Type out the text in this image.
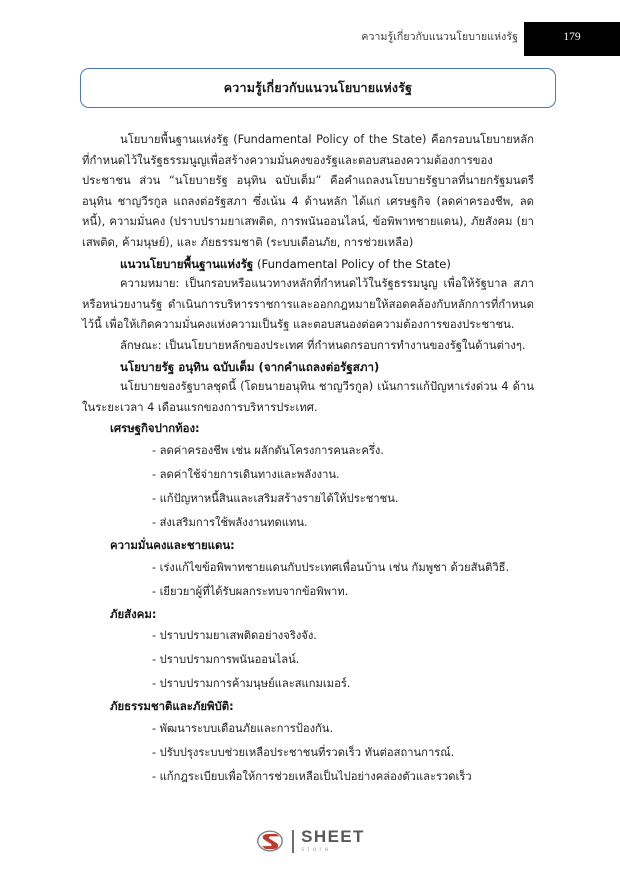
ความรู้เกี่ยวกับแนวนโยบายแห่งรัฐ	179
ความรู้เกี่ยวกับแนวนโยบายแห่งรัฐ

นโยบายพื้นฐานแห่งรัฐ (Fundamental Policy of the State) คือกรอบนโยบายหลักที่กำหนดไว้ในรัฐธรรมนูญเพื่อสร้างความมั่นคงของรัฐและตอบสนองความต้องการของประชาชน ส่วน “นโยบายรัฐ อนุทิน ฉบับเต็ม” คือคำแถลงนโยบายรัฐบาลที่นายกรัฐมนตรีอนุทิน ชาญวีรกูล แถลงต่อรัฐสภา ซึ่งเน้น 4 ด้านหลัก ได้แก่ เศรษฐกิจ (ลดค่าครองชีพ, ลดหนี้), ความมั่นคง (ปราบปรามยาเสพติด, การพนันออนไลน์, ข้อพิพาทชายแดน), ภัยสังคม (ยาเสพติด, ค้ามนุษย์), และ ภัยธรรมชาติ (ระบบเตือนภัย, การช่วยเหลือ)

แนวนโยบายพื้นฐานแห่งรัฐ (Fundamental Policy of the State)

ความหมาย: เป็นกรอบหรือแนวทางหลักที่กำหนดไว้ในรัฐธรรมนูญ เพื่อให้รัฐบาล สภา หรือหน่วยงานรัฐ ดำเนินการบริหารราชการและออกกฎหมายให้สอดคล้องกับหลักการที่กำหนดไว้นี้ เพื่อให้เกิดความมั่นคงแห่งความเป็นรัฐ และตอบสนองต่อความต้องการของประชาชน.

ลักษณะ: เป็นนโยบายหลักของประเทศ ที่กำหนดกรอบการทำงานของรัฐในด้านต่างๆ.

นโยบายรัฐ อนุทิน ฉบับเต็ม (จากคำแถลงต่อรัฐสภา)

นโยบายของรัฐบาลชุดนี้ (โดยนายอนุทิน ชาญวีรกูล) เน้นการแก้ปัญหาเร่งด่วน 4 ด้าน ในระยะเวลา 4 เดือนแรกของการบริหารประเทศ.

เศรษฐกิจปากท้อง:

- ลดค่าครองชีพ เช่น ผลักดันโครงการคนละครึ่ง.

- ลดค่าใช้จ่ายการเดินทางและพลังงาน.

- แก้ปัญหาหนี้สินและเสริมสร้างรายได้ให้ประชาชน.

- ส่งเสริมการใช้พลังงานทดแทน.

ความมั่นคงและชายแดน:

- เร่งแก้ไขข้อพิพาทชายแดนกับประเทศเพื่อนบ้าน เช่น กัมพูชา ด้วยสันติวิธี.

- เยียวยาผู้ที่ได้รับผลกระทบจากข้อพิพาท.

ภัยสังคม:

- ปราบปรามยาเสพติดอย่างจริงจัง.

- ปราบปรามการพนันออนไลน์.

- ปราบปรามการค้ามนุษย์และสแกมเมอร์.

ภัยธรรมชาติและภัยพิบัติ:

- พัฒนาระบบเตือนภัยและการป้องกัน.

- ปรับปรุงระบบช่วยเหลือประชาชนที่รวดเร็ว ทันต่อสถานการณ์.

- แก้กฎระเบียบเพื่อให้การช่วยเหลือเป็นไปอย่างคล่องตัวและรวดเร็ว

SHEET
store
